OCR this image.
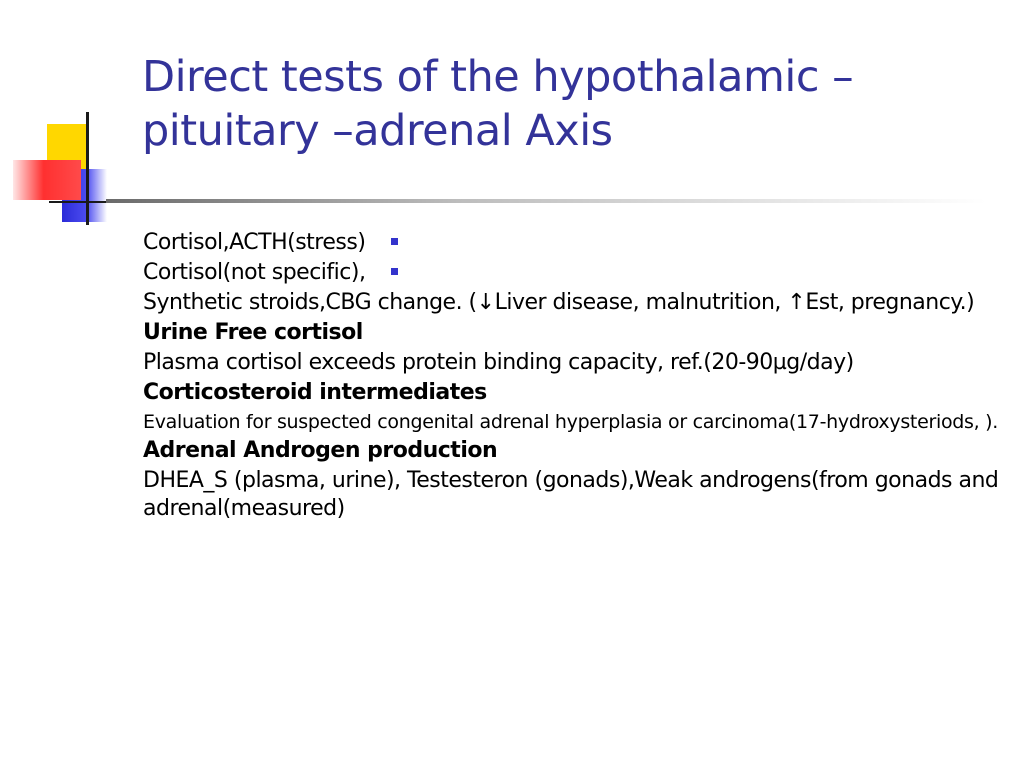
Direct tests of the hypothalamic – pituitary –adrenal Axis

Cortisol,ACTH(stress)

Cortisol(not specific),

Synthetic stroids,CBG change. (↓Liver disease, malnutrition, ↑Est, pregnancy.)

Urine Free cortisol

Plasma cortisol exceeds protein binding capacity, ref.(20-90µg/day)

Corticosteroid intermediates

Evaluation for suspected congenital adrenal hyperplasia or carcinoma(17-hydroxysteriods, ).

Adrenal Androgen production

DHEA_S (plasma, urine), Testesteron (gonads),Weak androgens(from gonads and adrenal(measured)
